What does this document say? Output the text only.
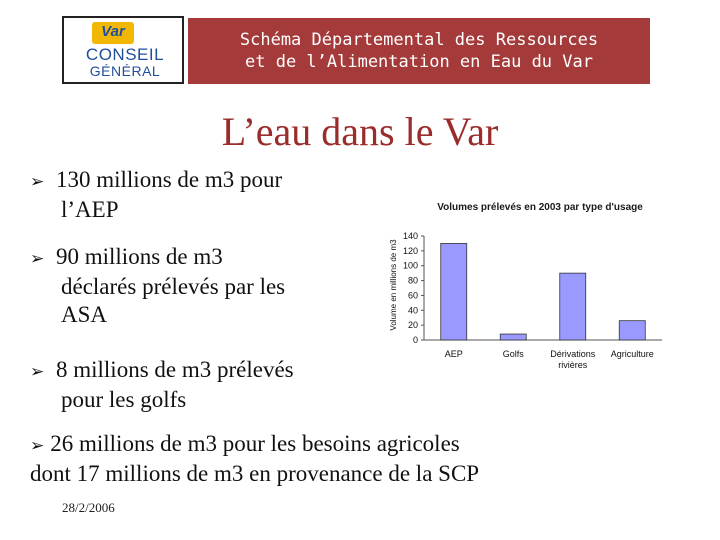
Var
CONSEIL
GÉNÉRAL
Schéma Départemental des Ressources
et de l’Alimentation en Eau du Var
L’eau dans le Var
➢ 130 millions de m3 pour
l’AEP
➢ 90 millions de m3
déclarés prélevés par les
ASA
➢ 8 millions de m3 prélevés
pour les golfs
➢ 26 millions de m3 pour les besoins agricoles
dont 17 millions de m3 en provenance de la SCP
Volumes prélevés en 2003 par type d'usage
Volume en millions de m3
0
20
40
60
80
100
120
140
AEP	Golfs	Dérivations
rivières
Agriculture
28/2/2006
